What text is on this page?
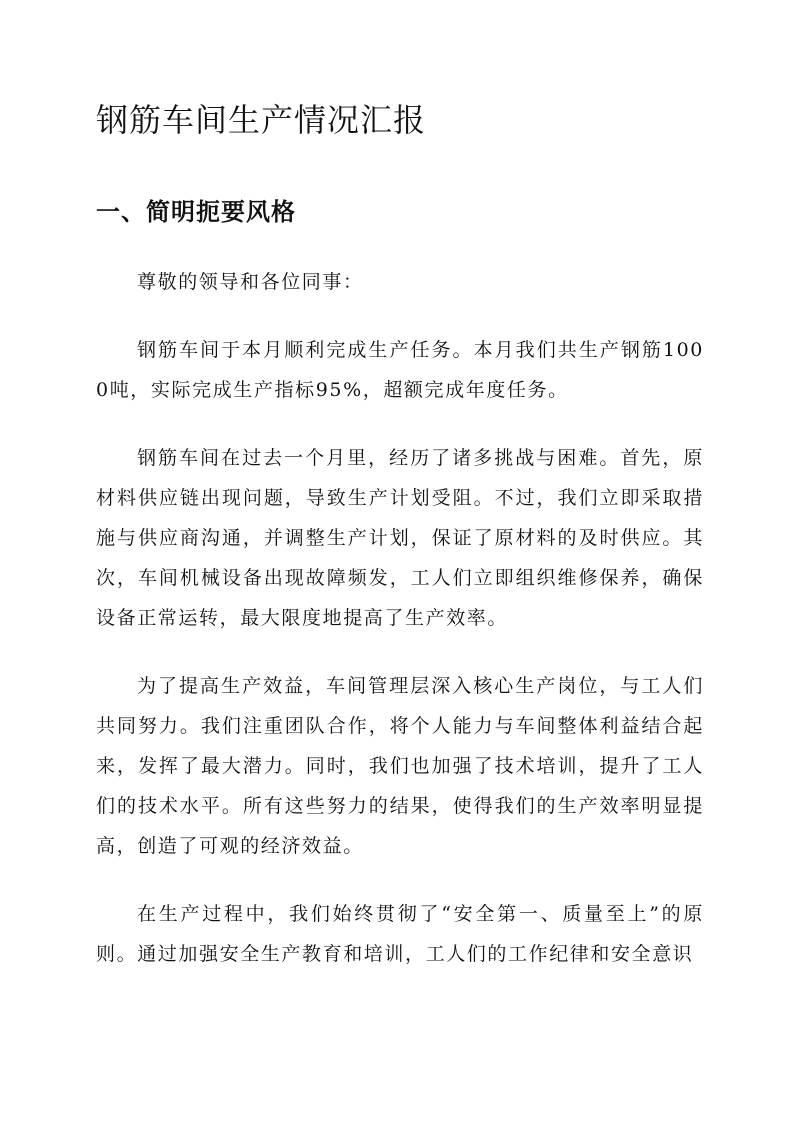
钢筋车间生产情况汇报
一、简明扼要风格

尊敬的领导和各位同事：

钢筋车间于本月顺利完成生产任务。本月我们共生产钢筋1000吨，实际完成生产指标95%，超额完成年度任务。

钢筋车间在过去一个月里，经历了诸多挑战与困难。首先，原材料供应链出现问题，导致生产计划受阻。不过，我们立即采取措施与供应商沟通，并调整生产计划，保证了原材料的及时供应。其次，车间机械设备出现故障频发，工人们立即组织维修保养，确保设备正常运转，最大限度地提高了生产效率。

为了提高生产效益，车间管理层深入核心生产岗位，与工人们共同努力。我们注重团队合作，将个人能力与车间整体利益结合起来，发挥了最大潜力。同时，我们也加强了技术培训，提升了工人们的技术水平。所有这些努力的结果，使得我们的生产效率明显提高，创造了可观的经济效益。

在生产过程中，我们始终贯彻了“安全第一、质量至上”的原则。通过加强安全生产教育和培训，工人们的工作纪律和安全意识
